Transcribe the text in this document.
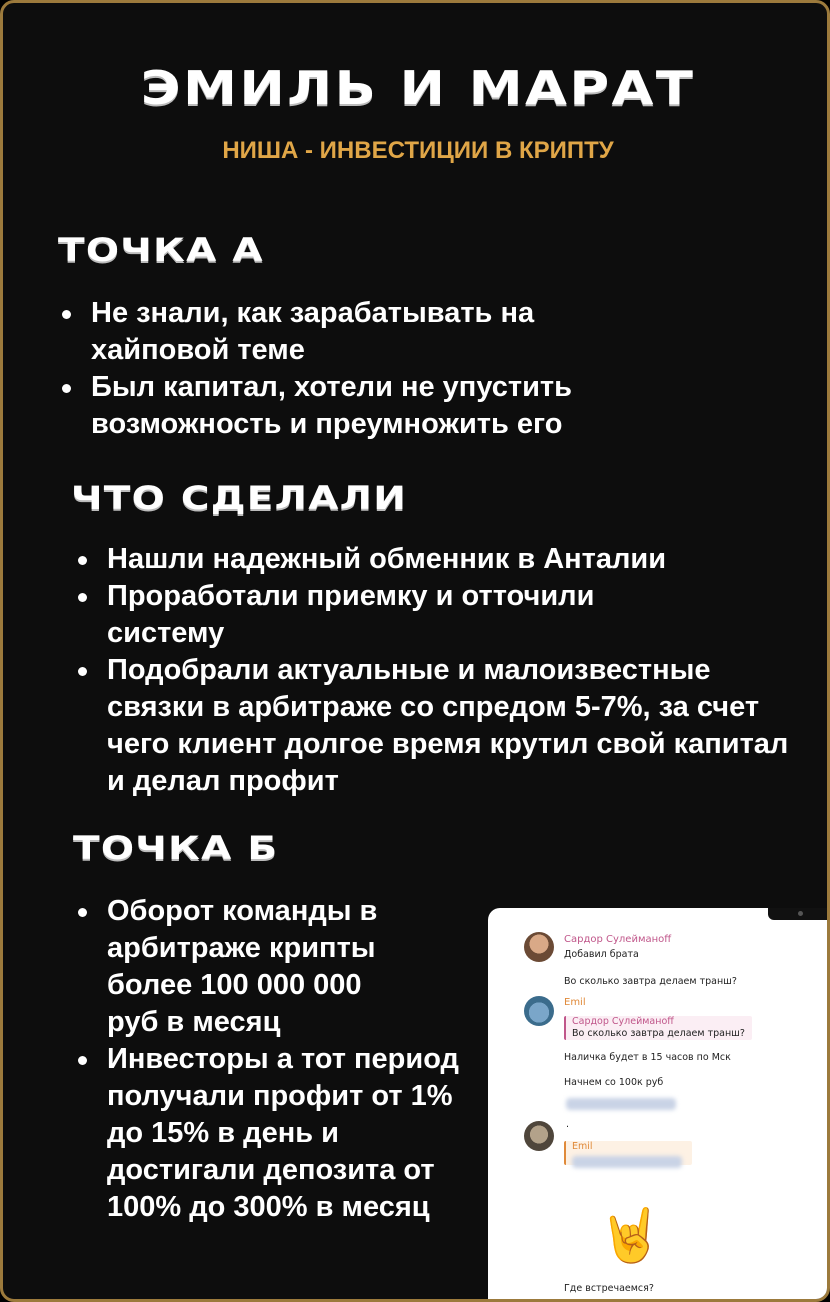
ЭМИЛЬ И МАРАТ
НИША - ИНВЕСТИЦИИ В КРИПТУ
ТОЧКА А
Не знали, как зарабатывать на хайповой теме
Был капитал, хотели не упустить возможность и преумножить его
ЧТО СДЕЛАЛИ
Нашли надежный обменник в Анталии
Проработали приемку и отточили систему
Подобрали актуальные и малоизвестные связки в арбитраже со спредом 5-7%, за счет чего клиент долгое время крутил свой капитал и делал профит
ТОЧКА Б
Оборот команды в арбитраже крипты более 100 000 000 руб в месяц
Инвесторы а тот период получали профит от 1% до 15% в день и достигали депозита от 100% до 300% в месяц
Сардор Сулейманoff
Добавил брата
Во сколько завтра делаем транш?
Emil
Сардор Сулейманoff
Во сколько завтра делаем транш?
Наличка будет в 15 часов по Мск
Начнем со 100к руб
.
Emil
🤘
Где встречаемся?
